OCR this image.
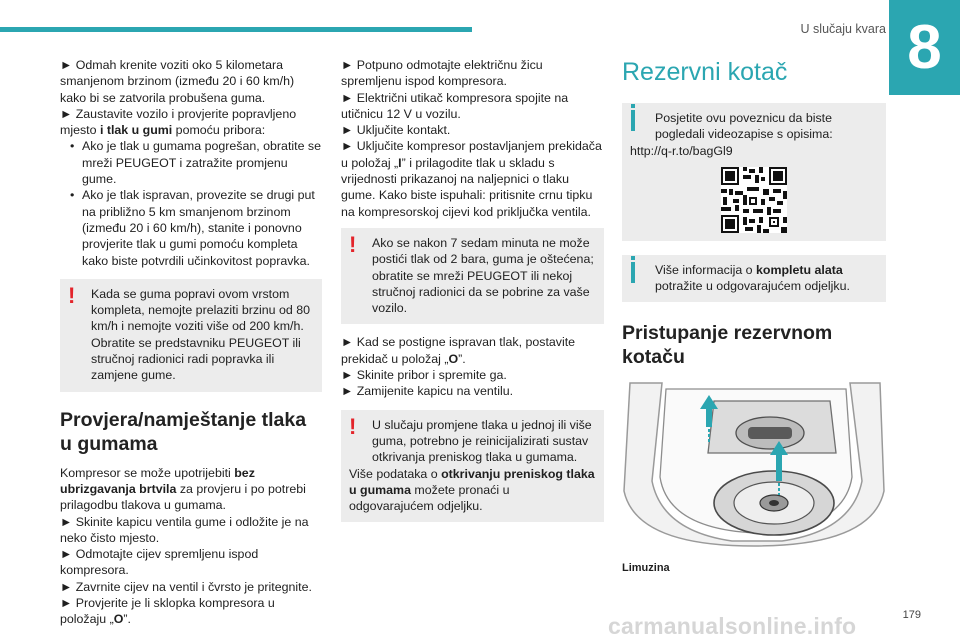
U slučaju kvara 8

► Odmah krenite voziti oko 5 kilometara smanjenom brzinom (između 20 i 60 km/h) kako bi se zatvorila probušena guma.

► Zaustavite vozilo i provjerite popravljeno mjesto i tlak u gumi pomoću pribora:

• Ako je tlak u gumama pogrešan, obratite se mreži PEUGEOT i zatražite promjenu gume.

• Ako je tlak ispravan, provezite se drugi put na približno 5 km smanjenom brzinom (između 20 i 60 km/h), stanite i ponovno provjerite tlak u gumi pomoću kompleta kako biste potvrdili učinkovitost popravka.

!	Kada se guma popravi ovom vrstom kompleta, nemojte prelaziti brzinu od 80 km/h i nemojte voziti više od 200 km/h. Obratite se predstavniku PEUGEOT ili stručnoj radionici radi popravka ili zamjene gume.

Provjera/namještanje tlaka u gumama

Kompresor se može upotrijebiti bez ubrizgavanja brtvila za provjeru i po potrebi prilagodbu tlakova u gumama.

► Skinite kapicu ventila gume i odložite je na neko čisto mjesto.

► Odmotajte cijev spremljenu ispod kompresora.

► Zavrnite cijev na ventil i čvrsto je pritegnite.

► Provjerite je li sklopka kompresora u položaju „O”.

► Potpuno odmotajte električnu žicu spremljenu ispod kompresora.

► Električni utikač kompresora spojite na utičnicu 12 V u vozilu.

► Uključite kontakt.

► Uključite kompresor postavljanjem prekidača u položaj „I” i prilagodite tlak u skladu s vrijednosti prikazanoj na naljepnici o tlaku gume. Kako biste ispuhali: pritisnite crnu tipku na kompresorskoj cijevi kod priključka ventila.

!	Ako se nakon 7 sedam minuta ne može postići tlak od 2 bara, guma je oštećena; obratite se mreži PEUGEOT ili nekoj stručnoj radionici da se pobrine za vaše vozilo.

► Kad se postigne ispravan tlak, postavite prekidač u položaj „O”.

► Skinite pribor i spremite ga.

► Zamijenite kapicu na ventilu.

!	U slučaju promjene tlaka u jednoj ili više guma, potrebno je reinicijalizirati sustav otkrivanja preniskog tlaka u gumama.

Više podataka o otkrivanju preniskog tlaka u gumama možete pronaći u odgovarajućem odjeljku.

Rezervni kotač

Posjetite ovu poveznicu da biste pogledali videozapise s opisima:

http://q-r.to/bagGl9

Više informacija o kompletu alata potražite u odgovarajućem odjeljku.

Pristupanje rezervnom kotaču

Limuzina

179
carmanualsonline.info
